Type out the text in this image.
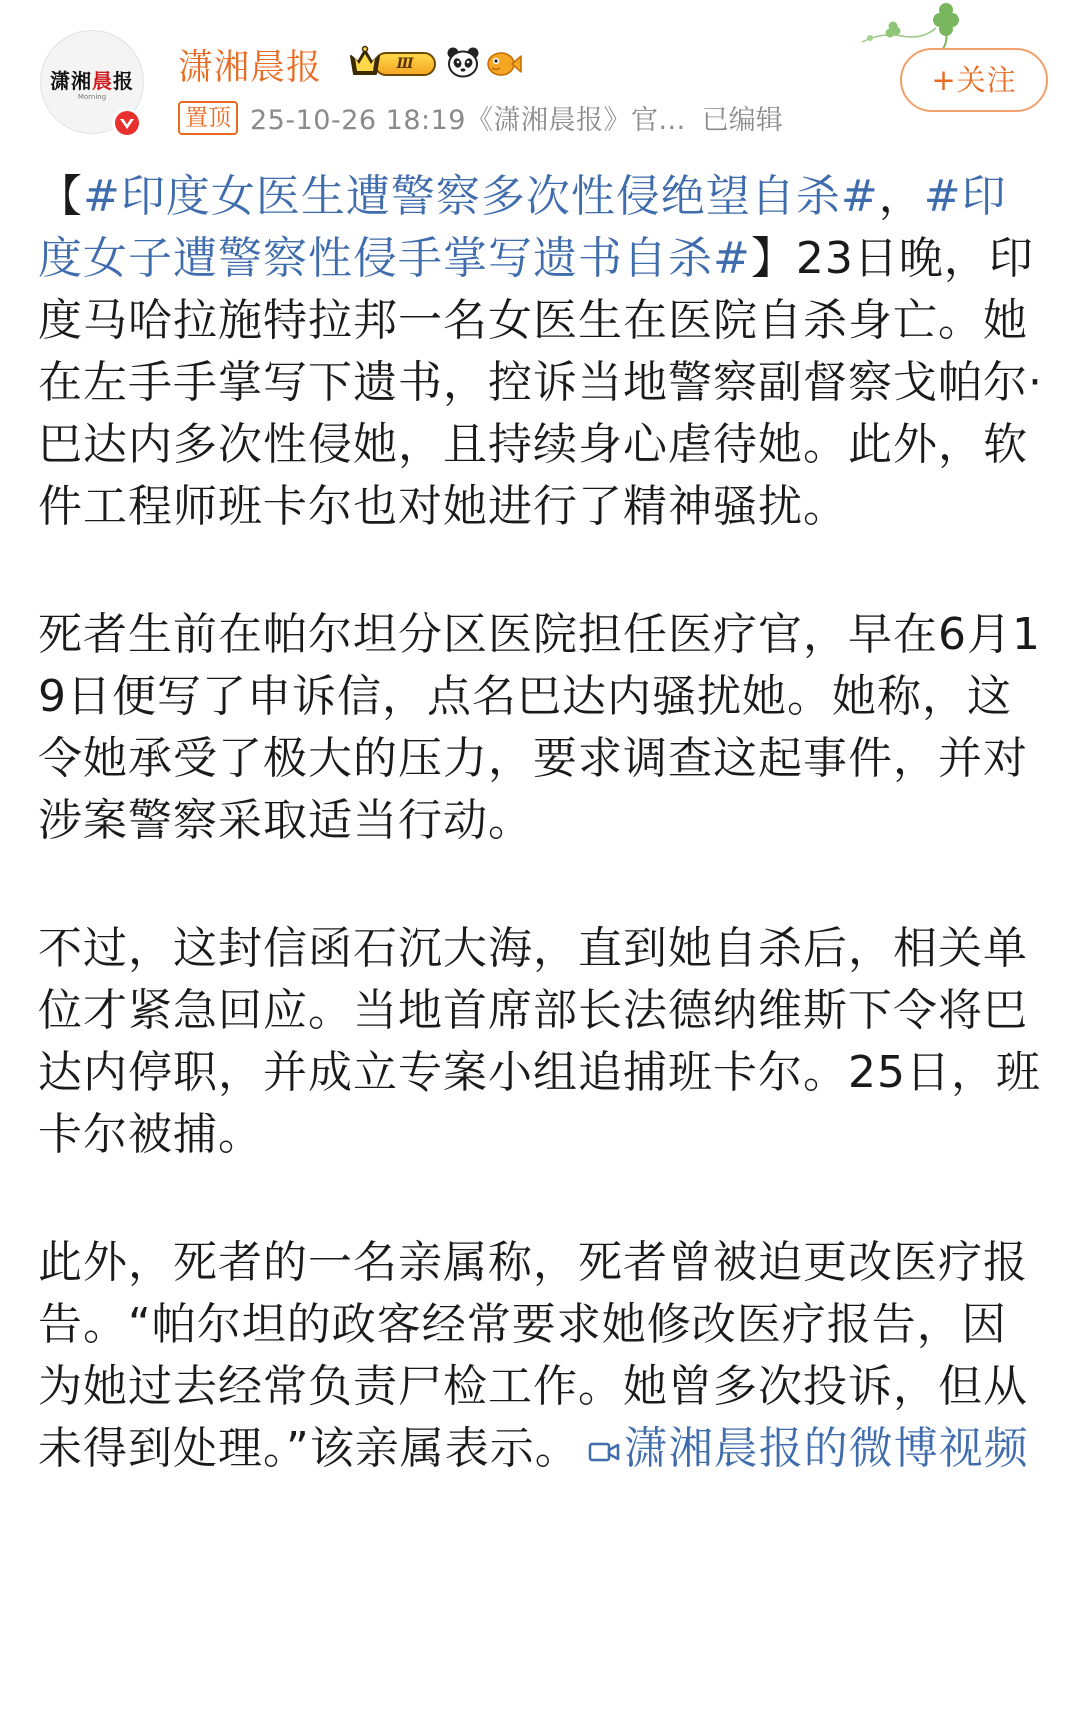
潇湘晨报
Morning
潇湘晨报	Ⅲ
置顶 25-10-26 18:19《潇湘晨报》官... 已编辑
+关注

【#印度女医生遭警察多次性侵绝望自杀#，#印度女子遭警察性侵手掌写遗书自杀#】23日晚，印度马哈拉施特拉邦一名女医生在医院自杀身亡。她在左手手掌写下遗书，控诉当地警察副督察戈帕尔·巴达内多次性侵她，且持续身心虐待她。此外，软件工程师班卡尔也对她进行了精神骚扰。

死者生前在帕尔坦分区医院担任医疗官，早在6月19日便写了申诉信，点名巴达内骚扰她。她称，这令她承受了极大的压力，要求调查这起事件，并对涉案警察采取适当行动。

不过，这封信函石沉大海，直到她自杀后，相关单位才紧急回应。当地首席部长法德纳维斯下令将巴达内停职，并成立专案小组追捕班卡尔。25日，班卡尔被捕。

此外，死者的一名亲属称，死者曾被迫更改医疗报告。“帕尔坦的政客经常要求她修改医疗报告，因为她过去经常负责尸检工作。她曾多次投诉，但从未得到处理。”该亲属表示。 潇湘晨报的微博视频
